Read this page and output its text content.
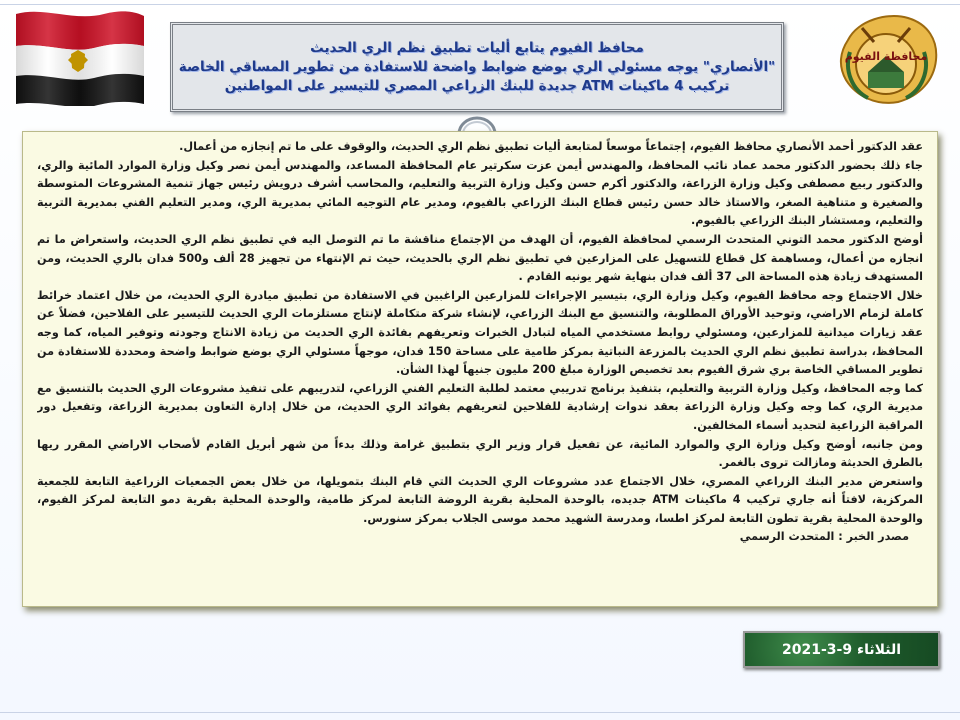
محافظ الفيوم يتابع أليات تطبيق نظم الري الحديث
"الأنصاري" يوجه مسئولي الري بوضع ضوابط واضحة للاستفادة من تطوير المساقي الخاصة
تركيب 4 ماكينات ATM جديدة للبنك الزراعي المصري للتيسير على المواطنين
محافظة الفيوم

عقد الدكتور أحمد الأنصاري محافظ الفيوم، إجتماعاً موسعاً لمتابعة أليات تطبيق نظم الري الحديث، والوقوف على ما تم إنجازه من أعمال.

جاء ذلك بحضور الدكتور محمد عماد نائب المحافظ، والمهندس أيمن عزت سكرتير عام المحافظة المساعد، والمهندس أيمن نصر وكيل وزارة الموارد المائية والري، والدكتور ربيع مصطفى وكيل وزارة الزراعة، والدكتور أكرم حسن وكيل وزارة التربية والتعليم، والمحاسب أشرف درويش رئيس جهاز تنمية المشروعات المتوسطة والصغيرة و متناهية الصغر، والاستاذ خالد حسن رئيس قطاع البنك الزراعي بالفيوم، ومدير عام التوجيه المائي بمديرية الري، ومدير التعليم الفني بمديرية التربية والتعليم، ومستشار البنك الزراعي بالفيوم.

أوضح الدكتور محمد التوني المتحدث الرسمي لمحافظة الفيوم، أن الهدف من الإجتماع مناقشة ما تم التوصل اليه في تطبيق نظم الري الحديث، واستعراض ما تم انجازه من أعمال، ومساهمة كل قطاع للتسهيل على المزارعين في تطبيق نظم الري بالحديث، حيث تم الإنتهاء من تجهيز 28 ألف و500 فدان بالري الحديث، ومن المستهدف زيادة هذه المساحة الى 37 ألف فدان بنهاية شهر يونيه القادم .

خلال الاجتماع وجه محافظ الفيوم، وكيل وزارة الري، بتيسير الإجراءات للمزارعين الراغبين في الاستفادة من تطبيق ميادرة الري الحديث، من خلال اعتماد خرائط كاملة لزمام الاراضي، وتوحيد الأوراق المطلوبة، والتنسيق مع البنك الزراعي، لإنشاء شركة متكاملة لإنتاج مستلزمات الري الحديث للتيسير على الفلاحين، فضلاً عن عقد زيارات ميدانية للمزارعين، ومسئولي روابط مستخدمي المياه لتبادل الخبرات وتعريفهم بفائدة الري الحديث من زيادة الانتاج وجودته وتوفير المياه، كما وجه المحافظ، بدراسة تطبيق نظم الري الحديث بالمزرعة النباتية بمركز طامية على مساحة 150 فدان، موجهاً مسئولي الري بوضع ضوابط واضحة ومحددة للاستفادة من تطوير المساقي الخاصة بري شرق الفيوم بعد تخصيص الوزارة مبلغ 200 مليون جنيهاً لهذا الشأن.

كما وجه المحافظ، وكيل وزارة التربية والتعليم، بتنفيذ برنامج تدريبي معتمد لطلبة التعليم الفني الزراعي، لتدريبهم على تنفيذ مشروعات الري الحديث بالتنسيق مع مديرية الري، كما وجه وكيل وزارة الزراعة بعقد ندوات إرشادية للفلاحين لتعريفهم بفوائد الري الحديث، من خلال إدارة التعاون بمديرية الزراعة، وتفعيل دور المراقبة الزراعية لتحديد أسماء المخالفين.

ومن جانبه، أوضح وكيل وزارة الري والموارد المائية، عن تفعيل قرار وزير الري بتطبيق غرامة وذلك بدءاً من شهر أبريل القادم لأصحاب الاراضي المقرر ريها بالطرق الحديثة ومازالت تروى بالغمر.

واستعرض مدير البنك الزراعي المصري، خلال الاجتماع عدد مشروعات الري الحديث التي قام البنك بتمويلها، من خلال بعض الجمعيات الزراعية التابعة للجمعية المركزية، لافتاً أنه جاري تركيب 4 ماكينات ATM جديده، بالوحدة المحلية بقرية الروضة التابعة لمركز طامية، والوحدة المحلية بقرية دمو التابعة لمركز الفيوم، والوحدة المحلية بقرية تطون التابعة لمركز اطسا، ومدرسة الشهيد محمد موسى الجلاب بمركز سنورس.

مصدر الخبر : المتحدث الرسمي

الثلاثاء 9-3-2021
